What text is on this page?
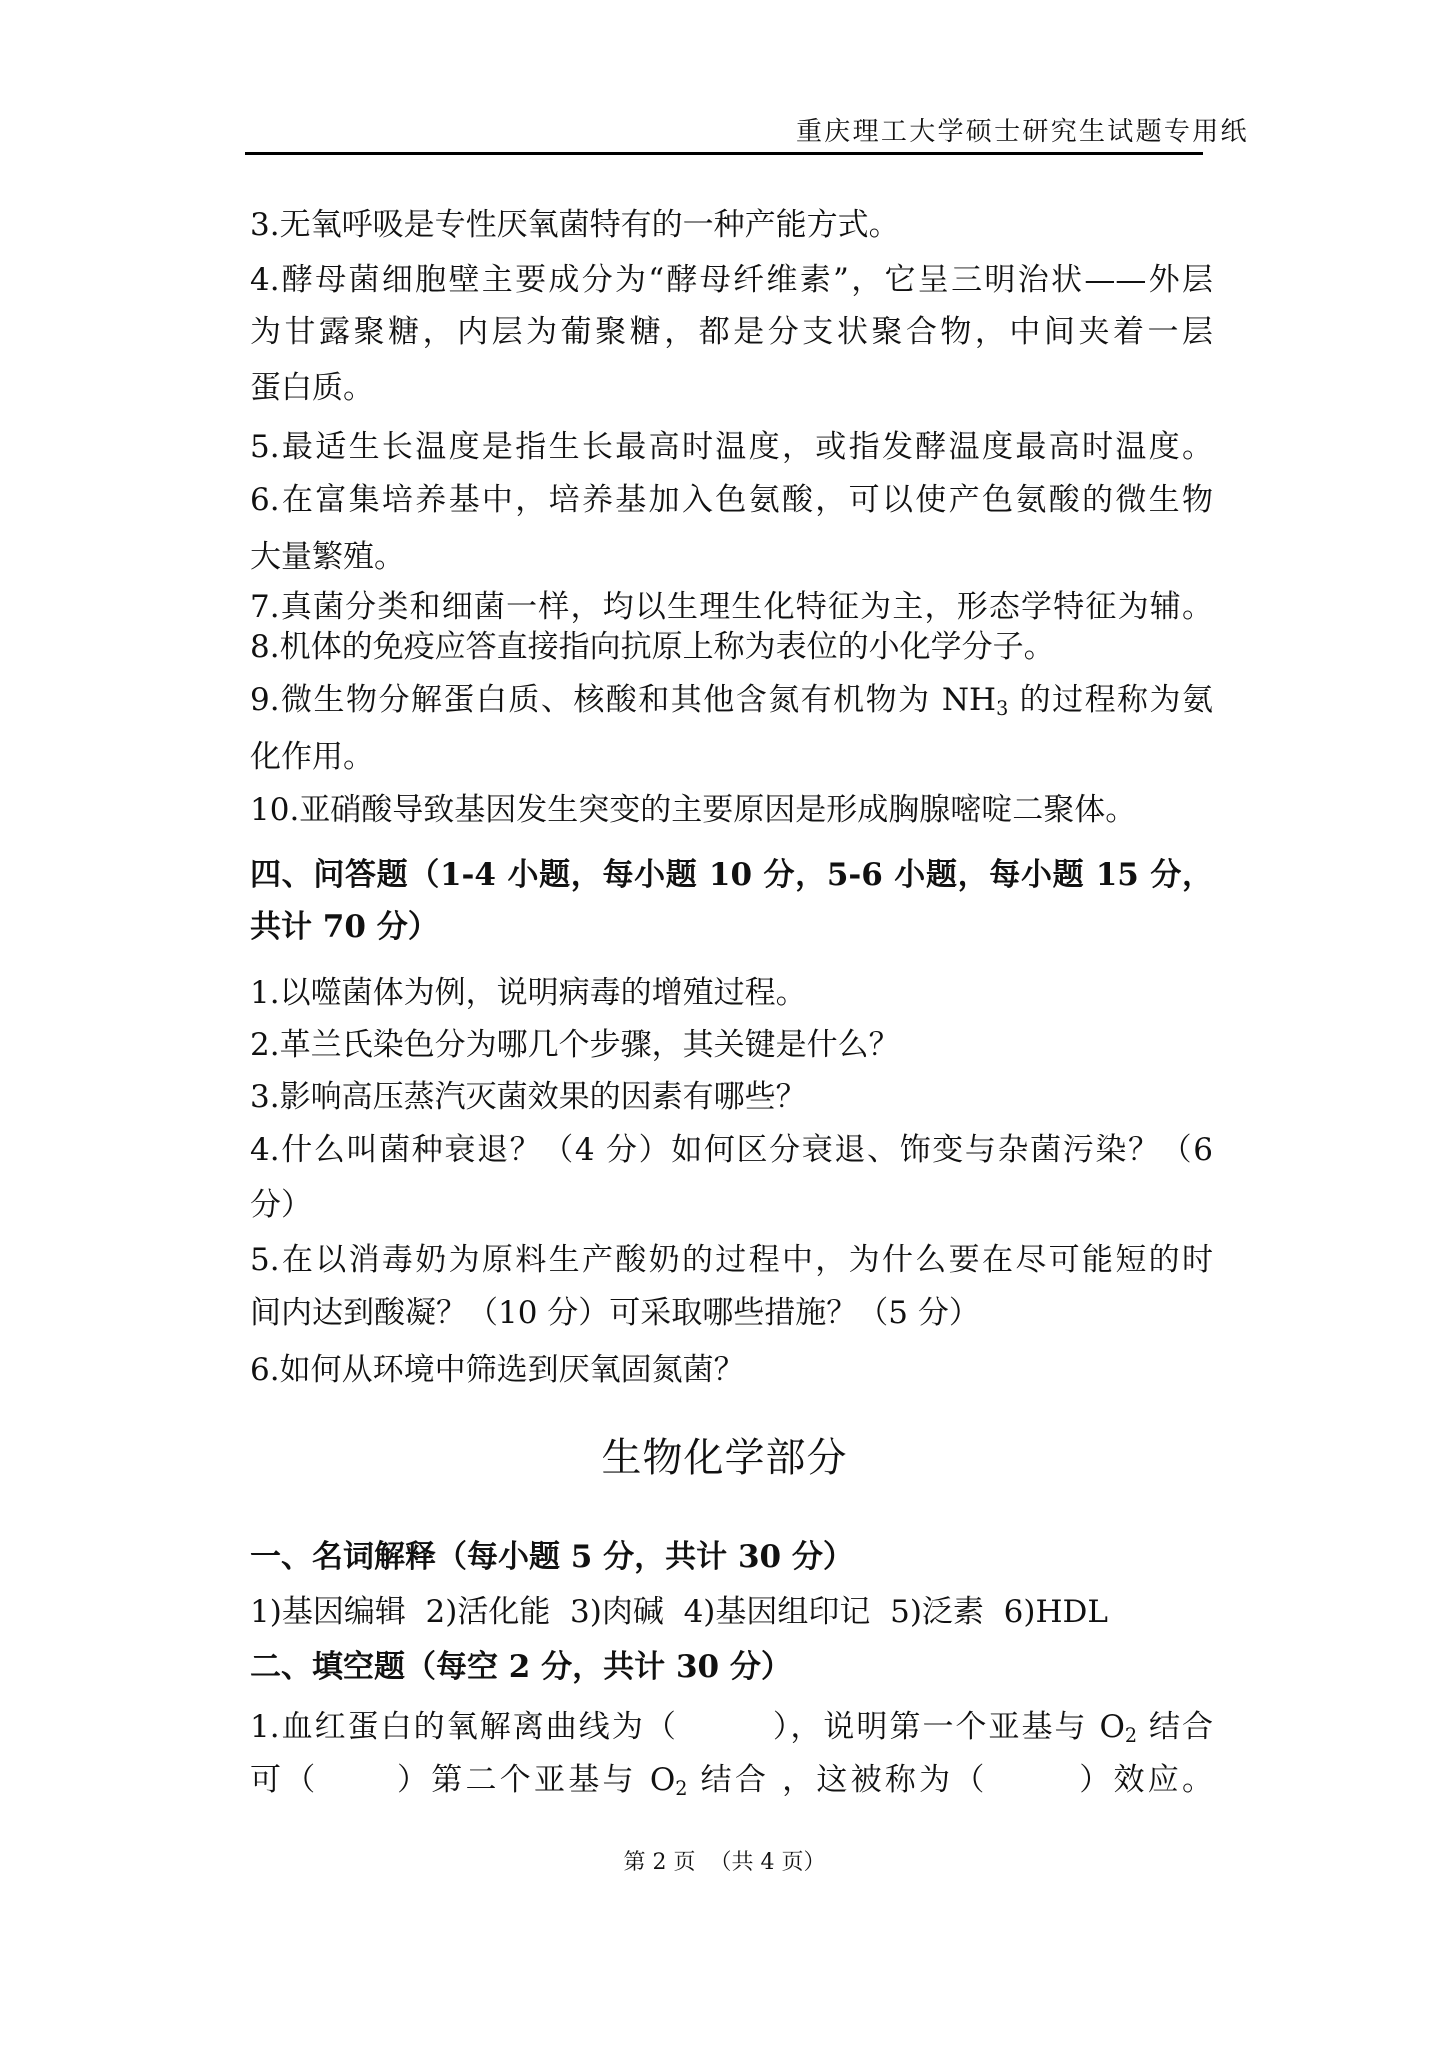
重庆理工大学硕士研究生试题专用纸
3.无氧呼吸是专性厌氧菌特有的一种产能方式。
4.酵母菌细胞壁主要成分为“酵母纤维素”，它呈三明治状——外层
为甘露聚糖，内层为葡聚糖，都是分支状聚合物，中间夹着一层
蛋白质。
5.最适生长温度是指生长最高时温度，或指发酵温度最高时温度。
6.在富集培养基中，培养基加入色氨酸，可以使产色氨酸的微生物
大量繁殖。
7.真菌分类和细菌一样，均以生理生化特征为主，形态学特征为辅。
8.机体的免疫应答直接指向抗原上称为表位的小化学分子。
9.微生物分解蛋白质、核酸和其他含氮有机物为 $NH_3$ 的过程称为氨
化作用。
10.亚硝酸导致基因发生突变的主要原因是形成胸腺嘧啶二聚体。
四、问答题（1-4 小题，每小题 10 分，5-6 小题，每小题 15 分，
共计 70 分）
1.以噬菌体为例，说明病毒的增殖过程。
2.革兰氏染色分为哪几个步骤，其关键是什么？
3.影响高压蒸汽灭菌效果的因素有哪些？
4.什么叫菌种衰退？（4 分）如何区分衰退、饰变与杂菌污染？（6
分）
5.在以消毒奶为原料生产酸奶的过程中，为什么要在尽可能短的时
间内达到酸凝？（10 分）可采取哪些措施？（5 分）
6.如何从环境中筛选到厌氧固氮菌？
生物化学部分
一、名词解释（每小题 5 分，共计 30 分）
1)基因编辑  2)活化能  3)肉碱  4)基因组印记  5)泛素  6)HDL
二、填空题（每空 2 分，共计 30 分）
1.血红蛋白的氧解离曲线为（        ），说明第一个亚基与 $O_2$ 结合
可（      ）第二个亚基与 $O_2$ 结合 ，这被称为（       ）效应。
第 2 页  （共 4 页）
